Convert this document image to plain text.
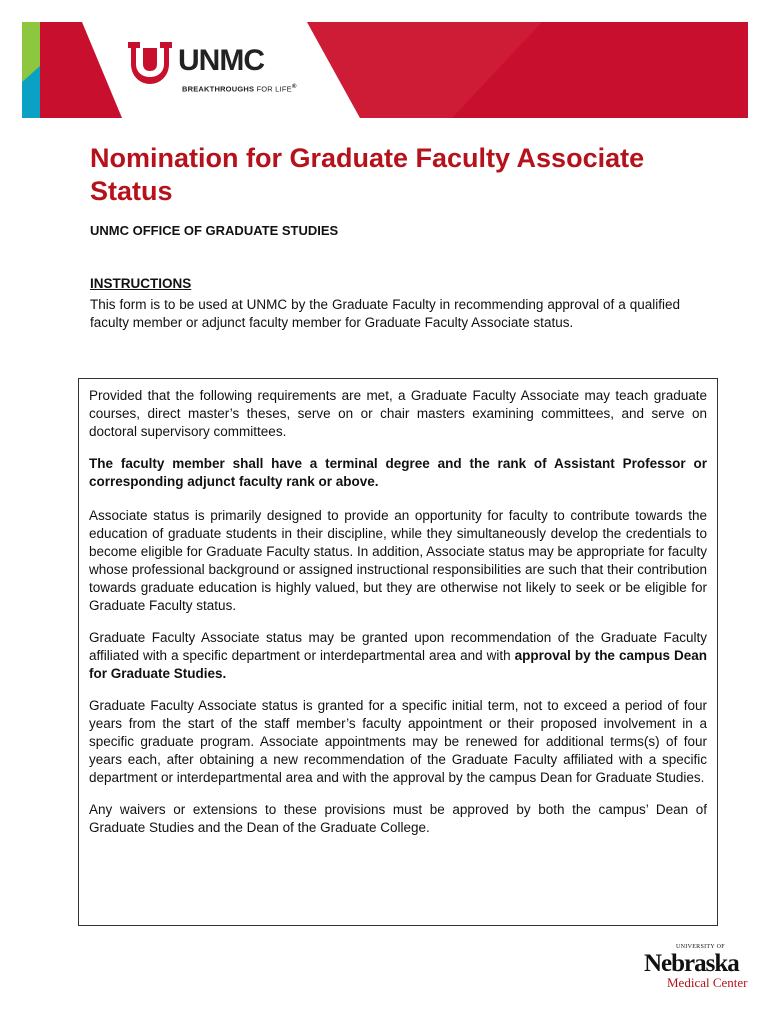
UNMC
BREAKTHROUGHS FOR LIFE®
Nomination for Graduate Faculty Associate Status
UNMC OFFICE OF GRADUATE STUDIES
INSTRUCTIONS

This form is to be used at UNMC by the Graduate Faculty in recommending approval of a qualified faculty member or adjunct faculty member for Graduate Faculty Associate status.

Provided that the following requirements are met, a Graduate Faculty Associate may teach graduate courses, direct master’s theses, serve on or chair masters examining committees, and serve on doctoral supervisory committees.

The faculty member shall have a terminal degree and the rank of Assistant Professor or corresponding adjunct faculty rank or above.

Associate status is primarily designed to provide an opportunity for faculty to contribute towards the education of graduate students in their discipline, while they simultaneously develop the credentials to become eligible for Graduate Faculty status. In addition, Associate status may be appropriate for faculty whose professional background or assigned instructional responsibilities are such that their contribution towards graduate education is highly valued, but they are otherwise not likely to seek or be eligible for Graduate Faculty status.

Graduate Faculty Associate status may be granted upon recommendation of the Graduate Faculty affiliated with a specific department or interdepartmental area and with approval by the campus Dean for Graduate Studies.

Graduate Faculty Associate status is granted for a specific initial term, not to exceed a period of four years from the start of the staff member’s faculty appointment or their proposed involvement in a specific graduate program. Associate appointments may be renewed for additional terms(s) of four years each, after obtaining a new recommendation of the Graduate Faculty affiliated with a specific department or interdepartmental area and with the approval by the campus Dean for Graduate Studies.

Any waivers or extensions to these provisions must be approved by both the campus’ Dean of Graduate Studies and the Dean of the Graduate College.

UNIVERSITY OF
Nebraska
Medical Center
